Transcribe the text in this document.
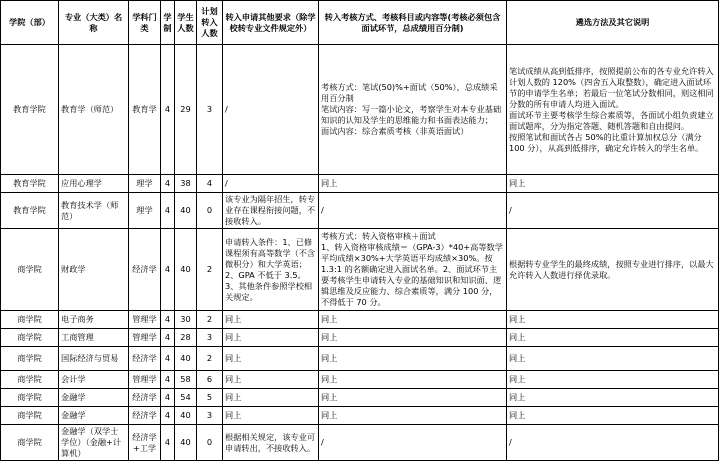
学院（部）	专业（大类）名称	学科门类	学制	学生人数	计划转入人数	转入申请其他要求（除学校转专业文件规定外）	转入考核方式、考核科目或内容等(考核必须包含面试环节，总成绩用百分制)	遴选方法及其它说明
教育学院	教育学（师范）	教育学	4	29	3	/	考核方式：笔试(50)%+面试（50%），总成绩采用百分制
笔试内容：写一篇小论文，考察学生对本专业基础知识的认知及学生的思维能力和书面表达能力；
面试内容：综合素质考核（非英语面试）	笔试成绩从高到低排序，按照提前公布的各专业允许转入计划人数的 120%（四舍五入取整数），确定进入面试环节的申请学生名单；若最后一位笔试分数相同，则这相同分数的所有申请人均进入面试。
面试环节主要考核学生综合素质等，各面试小组负责建立面试题库，分为指定答题、随机答题和自由提问。
按照笔试和面试各占 50%的比重计算加权总分（满分 100 分），从高到低排序，确定允许转入的学生名单。
教育学院	应用心理学	理学	4	38	4	/	同上	同上
教育学院	教育技术学（师范）	理学	4	40	0	该专业为隔年招生，转专业存在课程衔接问题，不接收转入。	/	/
商学院	财政学	经济学	4	40	2	申请转入条件：1、已修课程须有高等数学（不含微积分）和大学英语；2、GPA 不低于 3.5。3、其他条件参照学校相关规定。	考核方式：转入资格审核＋面试
1、转入资格审核成绩＝（GPA-3）*40+高等数学平均成绩×30%+大学英语平均成绩×30%。按 1.3:1 的名额确定进入面试名单。2、面试环节主要考核学生申请转入专业的基础知识和知识面、逻辑思维及反应能力、综合素质等，满分 100 分，不得低于 70 分。	根据转专业学生的最终成绩，按照专业进行排序，以最大允许转入人数进行择优录取。
商学院	电子商务	管理学	4	30	2	同上	同上	同上
商学院	工商管理	管理学	4	28	3	同上	同上	同上
商学院	国际经济与贸易	经济学	4	40	2	同上	同上	同上
商学院	会计学	管理学	4	58	6	同上	同上	同上
商学院	金融学	经济学	4	54	5	同上	同上	同上
商学院	金融学	经济学	4	40	3	同上	同上	同上
商学院	金融学（双学士学位）（金融+计算机）	经济学+工学	4	40	0	根据相关规定，该专业可申请转出，不接收转入。	/	/
